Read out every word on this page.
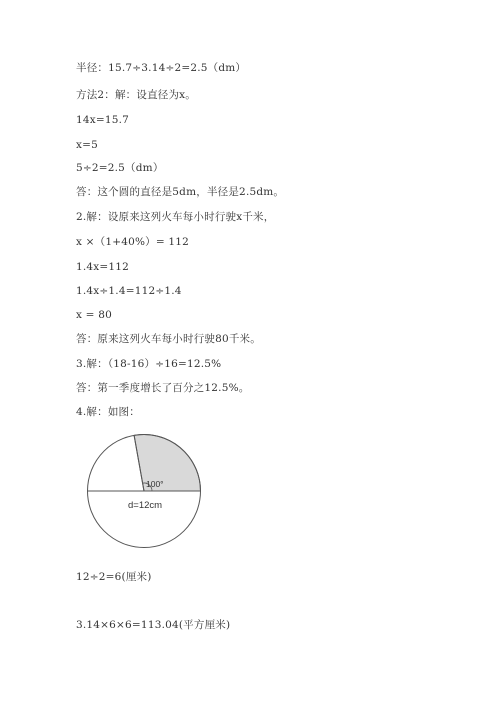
半径：15.7÷3.14÷2=2.5（dm）
方法2：解：设直径为x。
14x=15.7
x=5
5÷2=2.5（dm）
答：这个圆的直径是5dm，半径是2.5dm。
2.解：设原来这列火车每小时行驶x千米，
x ×（1+40%）= 112
1.4x=112
1.4x÷1.4=112÷1.4
x = 80
答：原来这列火车每小时行驶80千米。
3.解：（18-16）÷16=12.5%
答：第一季度增长了百分之12.5%。
4.解：如图：
100°
d=12cm
12÷2=6(厘米)
3.14×6×6=113.04(平方厘米)
